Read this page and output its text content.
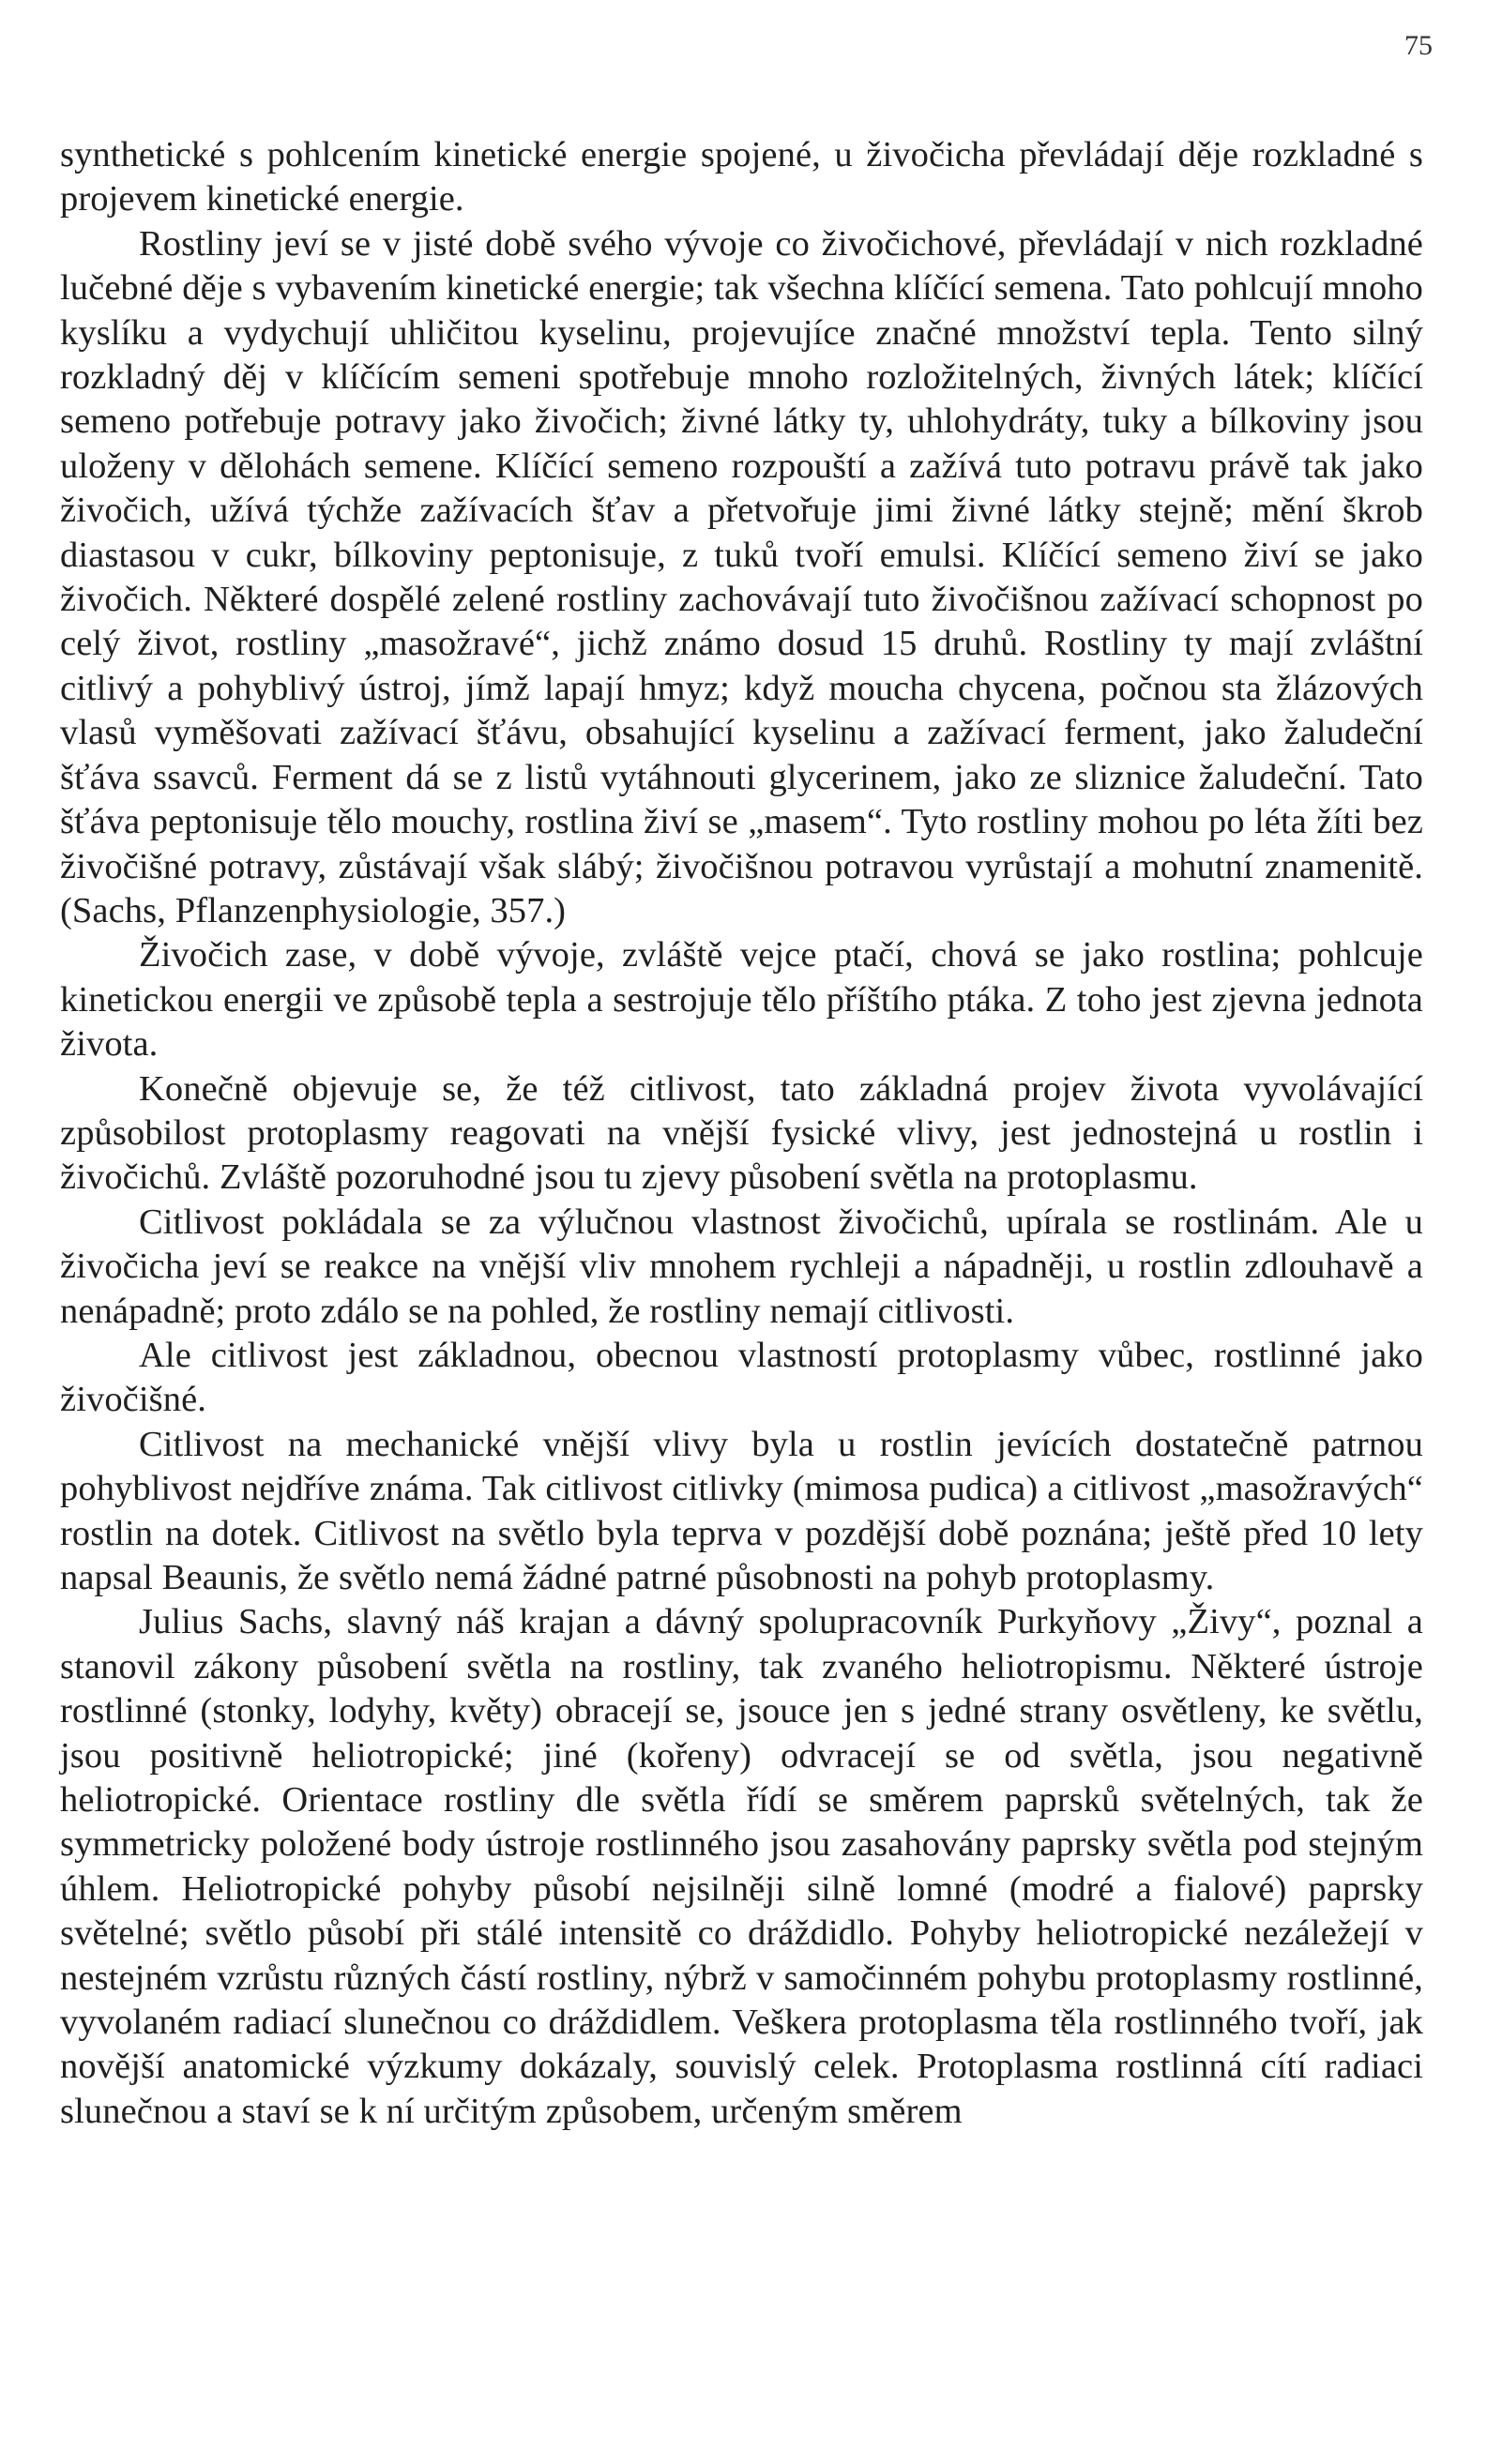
75

synthetické s pohlcením kinetické energie spojené, u živočicha převládají děje rozkladné s projevem kinetické energie.

Rostliny jeví se v jisté době svého vývoje co živočichové, převládají v nich rozkladné lučebné děje s vybavením kinetické energie; tak všechna klíčící semena. Tato pohlcují mnoho kyslíku a vydychují uhličitou kyselinu, projevujíce značné množství tepla. Tento silný rozkladný děj v klíčícím semeni spotřebuje mnoho rozložitelných, živných látek; klíčící semeno potřebuje potravy jako živočich; živné látky ty, uhlohydráty, tuky a bílkoviny jsou uloženy v dělohách semene. Klíčící semeno rozpouští a zažívá tuto potravu právě tak jako živočich, užívá týchže zažívacích šťav a přetvořuje jimi živné látky stejně; mění škrob diastasou v cukr, bílkoviny peptonisuje, z tuků tvoří emulsi. Klíčící semeno živí se jako živočich. Některé dospělé zelené rostliny zachovávají tuto živočišnou zažívací schopnost po celý život, rostliny „masožravé“, jichž známo dosud 15 druhů. Rostliny ty mají zvláštní citlivý a pohyblivý ústroj, jímž lapají hmyz; když moucha chycena, počnou sta žlázových vlasů vyměšovati zažívací šťávu, obsahující kyselinu a zažívací ferment, jako žaludeční šťáva ssavců. Ferment dá se z listů vytáhnouti glycerinem, jako ze sliznice žaludeční. Tato šťáva peptonisuje tělo mouchy, rostlina živí se „masem“. Tyto rostliny mohou po léta žíti bez živočišné potravy, zůstávají však slábý; živočišnou potravou vyrůstají a mohutní znamenitě. (Sachs, Pflanzenphysiologie, 357.)

Živočich zase, v době vývoje, zvláště vejce ptačí, chová se jako rostlina; pohlcuje kinetickou energii ve způsobě tepla a sestrojuje tělo příštího ptáka. Z toho jest zjevna jednota života.

Konečně objevuje se, že též citlivost, tato základná projev života vyvolávající způsobilost protoplasmy reagovati na vnější fysické vlivy, jest jednostejná u rostlin i živočichů. Zvláště pozoruhodné jsou tu zjevy působení světla na protoplasmu.

Citlivost pokládala se za výlučnou vlastnost živočichů, upírala se rostlinám. Ale u živočicha jeví se reakce na vnější vliv mnohem rychleji a nápadněji, u rostlin zdlouhavě a nenápadně; proto zdálo se na pohled, že rostliny nemají citlivosti.

Ale citlivost jest základnou, obecnou vlastností protoplasmy vůbec, rostlinné jako živočišné.

Citlivost na mechanické vnější vlivy byla u rostlin jevících dostatečně patrnou pohyblivost nejdříve známa. Tak citlivost citlivky (mimosa pudica) a citlivost „masožravých“ rostlin na dotek. Citlivost na světlo byla teprva v pozdější době poznána; ještě před 10 lety napsal Beaunis, že světlo nemá žádné patrné působnosti na pohyb protoplasmy.

Julius Sachs, slavný náš krajan a dávný spolupracovník Purkyňovy „Živy“, poznal a stanovil zákony působení světla na rostliny, tak zvaného heliotropismu. Některé ústroje rostlinné (stonky, lodyhy, květy) obracejí se, jsouce jen s jedné strany osvětleny, ke světlu, jsou positivně heliotropické; jiné (kořeny) odvracejí se od světla, jsou negativně heliotropické. Orientace rostliny dle světla řídí se směrem paprsků světelných, tak že symmetricky položené body ústroje rostlinného jsou zasahovány paprsky světla pod stejným úhlem. Heliotropické pohyby působí nejsilněji silně lomné (modré a fialové) paprsky světelné; světlo působí při stálé intensitě co dráždidlo. Pohyby heliotropické nezáležejí v nestejném vzrůstu různých částí rostliny, nýbrž v samočinném pohybu protoplasmy rostlinné, vyvolaném radiací slunečnou co dráždidlem. Veškera protoplasma těla rostlinného tvoří, jak novější anatomické výzkumy dokázaly, souvislý celek. Protoplasma rostlinná cítí radiaci slunečnou a staví se k ní určitým způsobem, určeným směrem
